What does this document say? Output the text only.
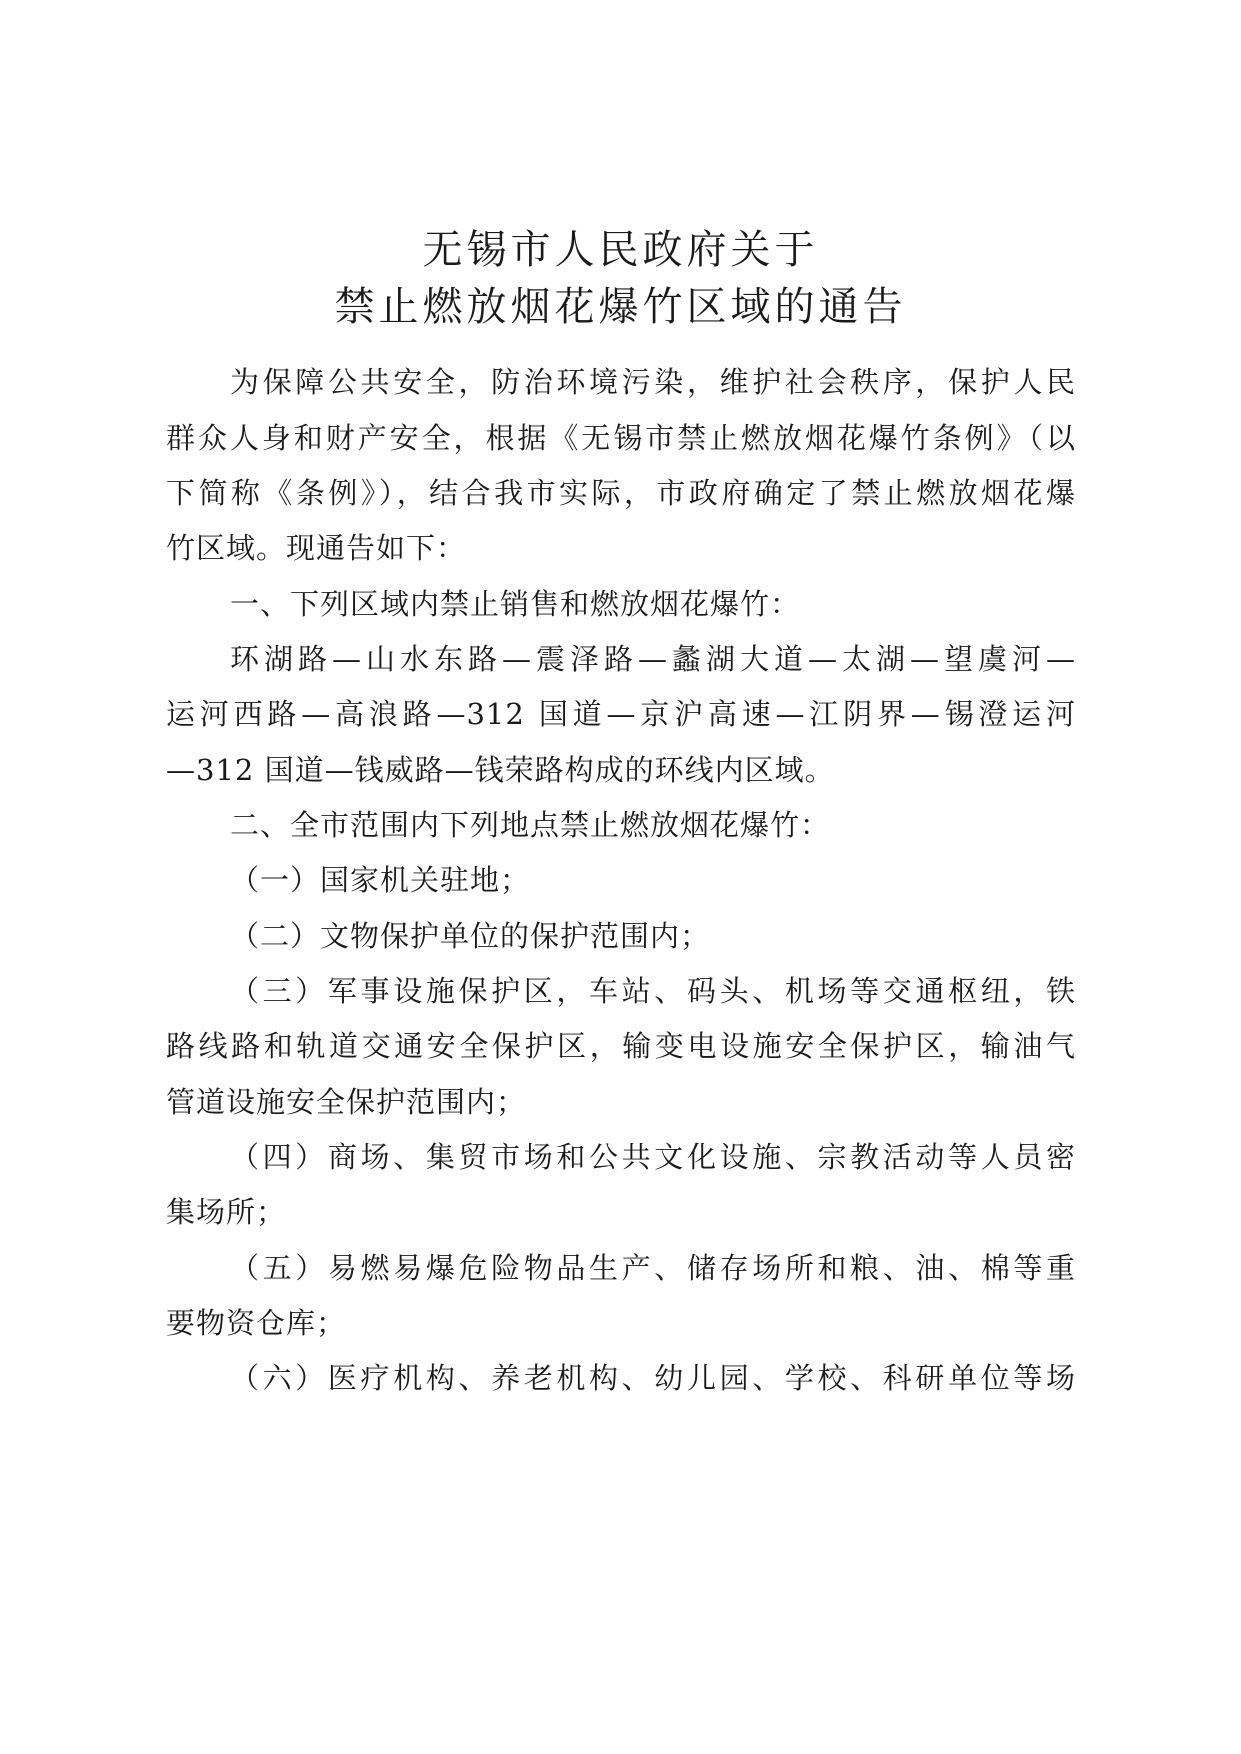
无锡市人民政府关于
禁止燃放烟花爆竹区域的通告
为保障公共安全，防治环境污染，维护社会秩序，保护人民
群众人身和财产安全，根据《无锡市禁止燃放烟花爆竹条例》（以
下简称《条例》），结合我市实际，市政府确定了禁止燃放烟花爆
竹区域。现通告如下：
一、下列区域内禁止销售和燃放烟花爆竹：
环湖路—山水东路—震泽路—蠡湖大道—太湖—望虞河—
运河西路—高浪路—312 国道—京沪高速—江阴界—锡澄运河
—312 国道—钱威路—钱荣路构成的环线内区域。
二、全市范围内下列地点禁止燃放烟花爆竹：
（一）国家机关驻地；
（二）文物保护单位的保护范围内；
（三）军事设施保护区，车站、码头、机场等交通枢纽，铁
路线路和轨道交通安全保护区，输变电设施安全保护区，输油气
管道设施安全保护范围内；
（四）商场、集贸市场和公共文化设施、宗教活动等人员密
集场所；
（五）易燃易爆危险物品生产、储存场所和粮、油、棉等重
要物资仓库；
（六）医疗机构、养老机构、幼儿园、学校、科研单位等场
